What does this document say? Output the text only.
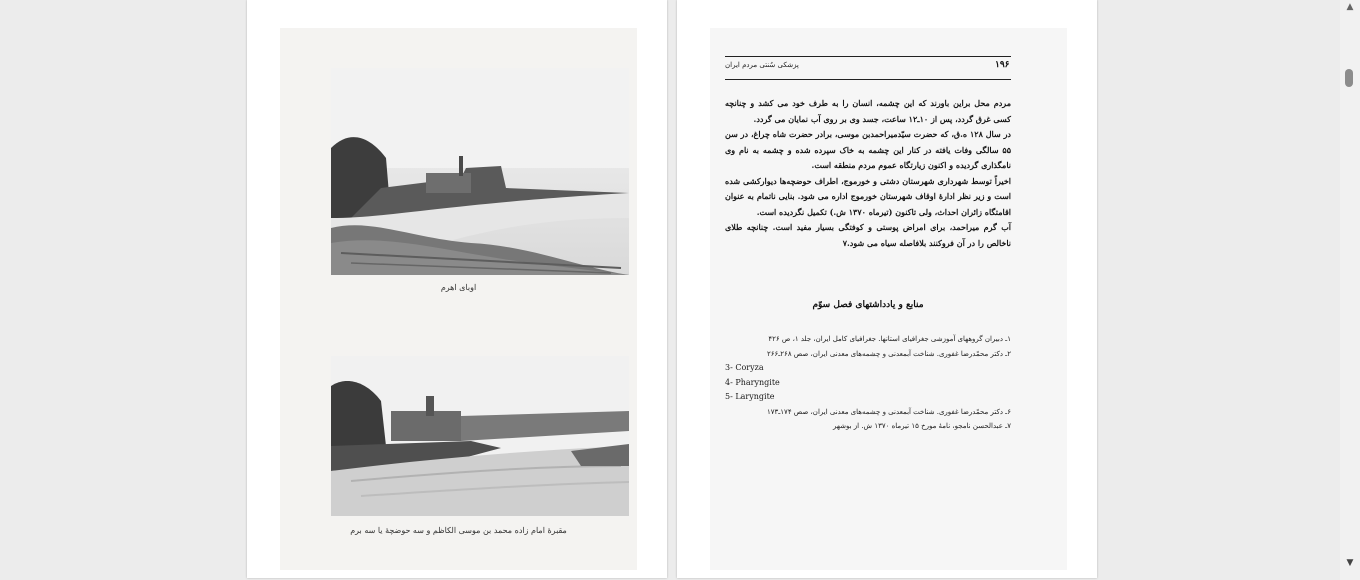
اوبای اهرم
مقبرهٔ امام زاده محمد بن موسی الکاظم و سه حوضچهٔ یا سه برم
۱۹۶
پزشکی سُنتی مردم ایران

مردم محل براین باورند که این چشمه، انسان را به طرف خود می کشد و چنانچه کسی غرق گردد، پس از ۱۰ـ۱۲ ساعت، جسد وی بر روی آب نمایان می گردد.

در سال ۱۲۸ ه.ق، که حضرت سیّدمیراحمدبن موسی، برادر حضرت شاه چراغ، در سن ۵۵ سالگی وفات یافته در کنار این چشمه به خاک سپرده شده و چشمه به نام وی نامگذاری گردیده و اکنون زیارتگاه عموم مردم منطقه است.

اخیراً توسط شهرداری شهرستان دشتی و خورموج، اطراف حوضچه‌ها دیوارکشی شده است و زیر نظر ادارهٔ اوقاف شهرستان خورموج اداره می شود. بنایی ناتمام به عنوان اقامتگاه زائران احداث، ولی تاکنون (تیرماه ۱۳۷۰ ش.) تکمیل نگردیده است.

آب گرم میراحمد، برای امراض پوستی و کوفتگی بسیار مفید است. چنانچه طلای ناخالص را در آن فروکنند بلافاصله سیاه می شود.۷

منابع و یادداشتهای فصل سوّم
۱ـ دبیران گروههای آموزشی جغرافیای استانها. جغرافیای کامل ایران، جلد ۱، ص ۴۲۶
۲ـ دکتر محمّدرضا غفوری. شناخت آبمعدنی و چشمه‌های معدنی ایران، صص ۲۶۸ـ۲۶۶
3- Coryza
4- Pharyngite
5- Laryngite
۶ـ دکتر محمّدرضا غفوری. شناخت آبمعدنی و چشمه‌های معدنی ایران، صص ۱۷۴ـ۱۷۳
۷ـ عبدالحسن نامجو، نامهٔ مورخ ۱۵ تیرماه ۱۳۷۰ ش. از بوشهر
▲
▼
